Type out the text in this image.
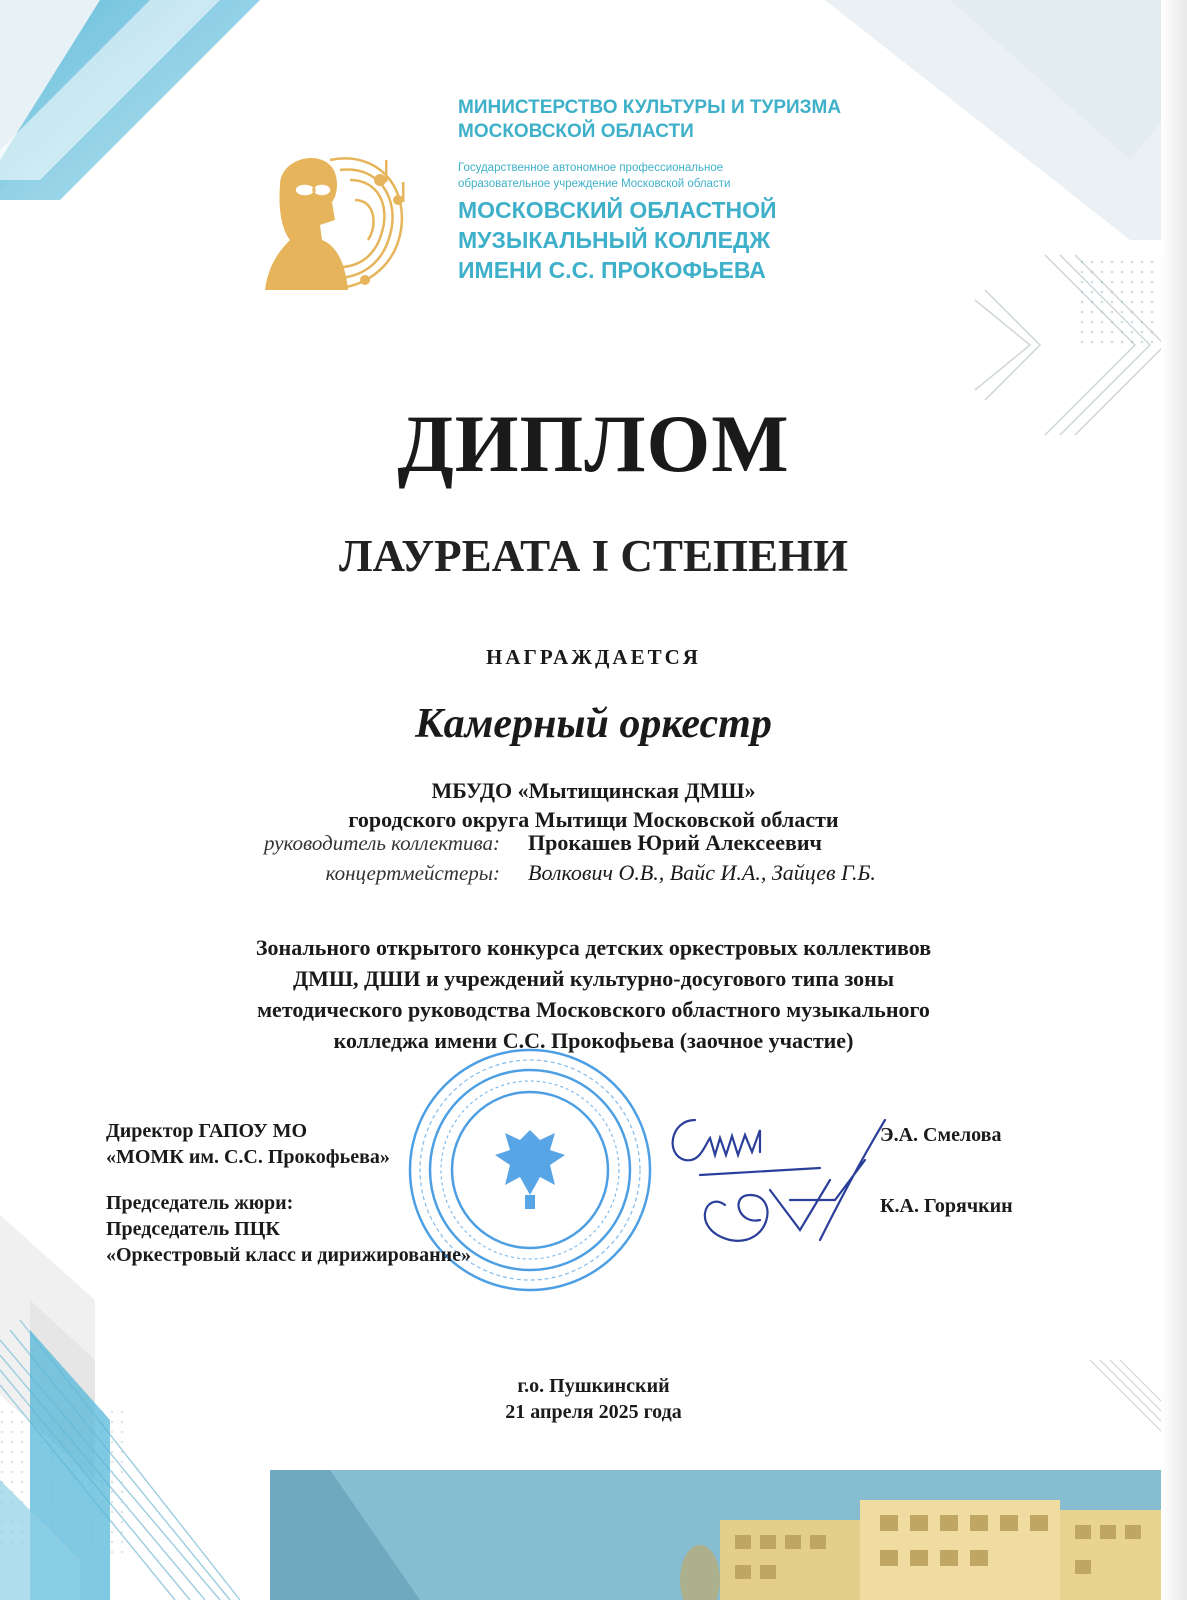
МИНИСТЕРСТВО КУЛЬТУРЫ И ТУРИЗМА
МОСКОВСКОЙ ОБЛАСТИ
Государственное автономное профессиональное
образовательное учреждение Московской области
МОСКОВСКИЙ ОБЛАСТНОЙ
МУЗЫКАЛЬНЫЙ КОЛЛЕДЖ
ИМЕНИ С.С. ПРОКОФЬЕВА
ДИПЛОМ
ЛАУРЕАТА I СТЕПЕНИ
НАГРАЖДАЕТСЯ
Камерный оркестр
МБУДО «Мытищинская ДМШ»
городского округа Мытищи Московской области
руководитель коллектива: Прокашев Юрий Алексеевич
концертмейстеры: Волкович О.В., Вайс И.А., Зайцев Г.Б.
Зонального открытого конкурса детских оркестровых коллективов
ДМШ, ДШИ и учреждений культурно-досугового типа зоны
методического руководства Московского областного музыкального
колледжа имени С.С. Прокофьева (заочное участие)
Директор ГАПОУ МО
«МОМК им. С.С. Прокофьева»
Э.А. Смелова
Председатель жюри:
Председатель ПЦК
«Оркестровый класс и дирижирование»
К.А. Горячкин
г.о. Пушкинский
21 апреля 2025 года
